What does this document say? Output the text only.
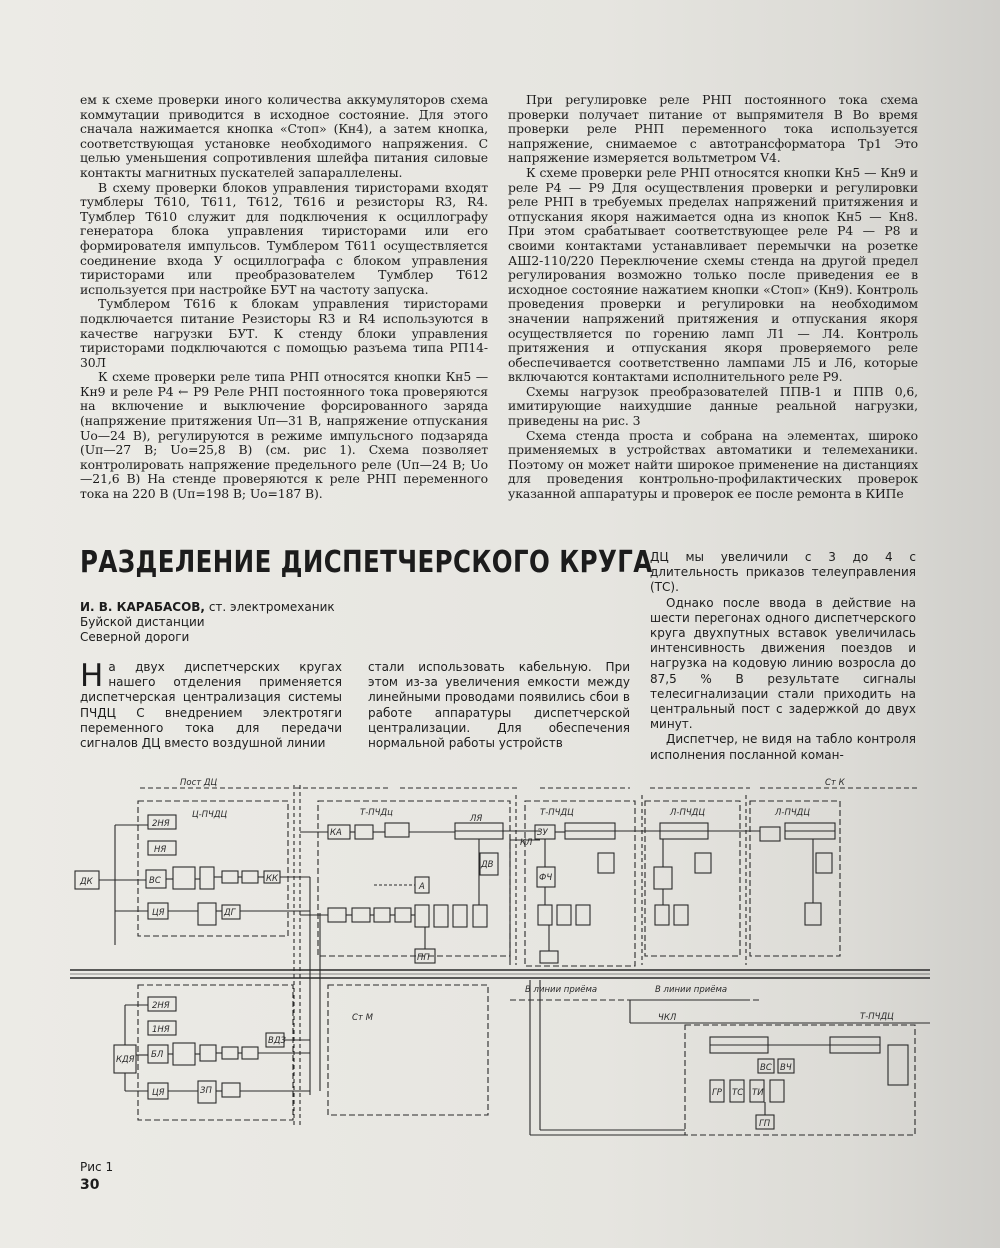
ем к схеме проверки иного количества аккумуляторов схема коммутации приводится в исходное состояние. Для этого сначала нажимается кнопка «Стоп» (Кн4), а затем кнопка, соответствующая установке необходимого напряжения. С целью уменьшения сопротивления шлейфа питания силовые контакты магнитных пускателей запараллелены.

В схему проверки блоков управления тиристорами входят тумблеры Т610, Т611, Т612, Т616 и резисторы R3, R4. Тумблер Т610 служит для подключения к осциллографу генератора блока управления тиристорами или его формирователя импульсов. Тумблером Т611 осуществляется соединение входа У осциллографа с блоком управления тиристорами или преобразователем Тумблер Т612 используется при настройке БУТ на частоту запуска.

Тумблером Т616 к блокам управления тиристорами подключается питание Резисторы R3 и R4 используются в качестве нагрузки БУТ. К стенду блоки управления тиристорами подключаются с помощью разъема типа РП14-30Л

К схеме проверки реле типа РНП относятся кнопки Кн5 — Кн9 и реле Р4 ← Р9 Реле РНП постоянного тока проверяются на включение и выключение форсированного заряда (напряжение притяжения Uп—31 В, напряжение отпускания Uо—24 В), регулируются в режиме импульсного подзаряда (Uп—27 В; Uо=25,8 В) (см. рис 1). Схема позволяет контролировать напряжение предельного реле (Uп—24 В; Uо—21,6 В) На стенде проверяются к реле РНП переменного тока на 220 В (Uп=198 В; Uо=187 В).

При регулировке реле РНП постоянного тока схема проверки получает питание от выпрямителя В Во время проверки реле РНП переменного тока используется напряжение, снимаемое с автотрансформатора Тр1 Это напряжение измеряется вольтметром V4.

К схеме проверки реле РНП относятся кнопки Кн5 — Кн9 и реле Р4 — Р9 Для осуществления проверки и регулировки реле РНП в требуемых пределах напряжений притяжения и отпускания якоря нажимается одна из кнопок Кн5 — Кн8. При этом срабатывает соответствующее реле Р4 — Р8 и своими контактами устанавливает перемычки на розетке АШ2-110/220 Переключение схемы стенда на другой предел регулирования возможно только после приведения ее в исходное состояние нажатием кнопки «Стоп» (Кн9). Контроль проведения проверки и регулировки на необходимом значении напряжений притяжения и отпускания якоря осуществляется по горению ламп Л1 — Л4. Контроль притяжения и отпускания якоря проверяемого реле обеспечивается соответственно лампами Л5 и Л6, которые включаются контактами исполнительного реле Р9.

Схемы нагрузок преобразователей ППВ-1 и ППВ 0,6, имитирующие наихудшие данные реальной нагрузки, приведены на рис. 3

Схема стенда проста и собрана на элементах, широко применяемых в устройствах автоматики и телемеханики. Поэтому он может найти широкое применение на дистанциях для проведения контрольно-профилактических проверок указанной аппаратуры и проверок ее после ремонта в КИПе

РАЗДЕЛЕНИЕ ДИСПЕТЧЕРСКОГО КРУГА
И. В. КАРАБАСОВ, ст. электромеханик
Буйской дистанции
Северной дороги

На двух диспетчерских кругах нашего отделения применяется диспетчерская централизация системы ПЧДЦ С внедрением электротяги переменного тока для передачи сигналов ДЦ вместо воздушной линии

стали использовать кабельную. При этом из-за увеличения емкости между линейными проводами появились сбои в работе аппаратуры диспетчерской централизации. Для обеспечения нормальной работы устройств

ДЦ мы увеличили с 3 до 4 с длительность приказов телеуправления (ТС).

Однако после ввода в действие на шести перегонах одного диспетчерского круга двухпутных вставок увеличилась интенсивность движения поездов и нагрузка на кодовую линию возросла до 87,5 % В результате сигналы телесигнализации стали приходить на центральный пост с задержкой до двух минут.

Диспетчер, не видя на табло контроля исполнения посланной коман-

Пост ДЦ	Ст К
Ц-ПЧДЦ	Т-ПЧДц	Т-ПЧДЦ	Л-ПЧДЦ	Л-ПЧДЦ
ДК
2НЯ
НЯ
ВС
ЦЯ	ДГ
КК
КА
А
ПП
ЛЯ
ДВ
ФЧ
КЛ
ЗУ
Ст М
2НЯ
1НЯ
КДЯ БЛ
ВДЗ
ЦЯ	ЗП
В линии приёма	В линии приёма
ЧКЛ	Т-ПЧДЦ
ГП
ГР ТС ТИ
ВС ВЧ
Рис 1
30
